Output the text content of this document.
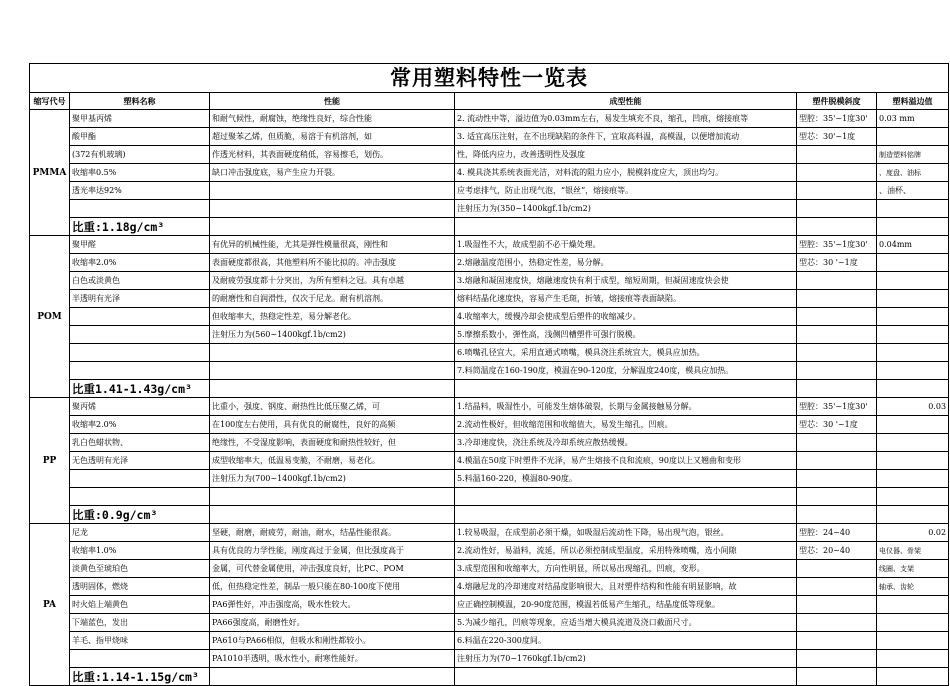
常用塑料特性一览表					
缩写代号	塑料名称	性能	成型性能	塑件脱模斜度	塑料溢边值
PMMA	聚甲基丙烯	和耐气候性，耐腐蚀，绝缘性良好，综合性能	2. 流动性中等，溢边值为0.03mm左右，易发生填充不良，缩孔，凹痕，熔接痕等	型腔：35'~1度30'	0.03 mm
	酸甲酯	超过聚苯乙烯，但质脆，易溶于有机溶剂，如	3. 适宜高压注射，在不出现缺陷的条件下，宜取高料温，高模温，以便增加流动	型芯：30'~1度	
	(372有机玻璃)	作透光材料，其表面硬度稍低，容易擦毛，划伤。	性，降低内应力，改善透明性及强度		制造塑料铭牌
	收缩率0.5%	缺口冲击强度底，易产生应力开裂。	4. 模具浇其系统表面光洁，对料流的阻力应小，脱模斜度应大，顶出均匀。		、度盘、油标
	透光率达92%		应考虑排气，防止出现气泡，“银丝”，熔接痕等。		、油杯、
			注射压力为(350~1400kgf.1b/cm2)		
	比重:1.18g/cm³				
POM	聚甲醛	有优异的机械性能，尤其是弹性模量很高，刚性和	1.吸湿性不大，故成型前不必干燥处理。	型腔：35'~1度30'	0.04mm
	收缩率2.0%	表面硬度都很高，其他塑料所不能比拟的。冲击强度	2.熔融温度范围小，热稳定性差，易分解。	型芯：30 '~1度	
	白色或淡黄色	及耐疲劳强度都十分突出，为所有塑料之冠。具有卓越	3.熔融和凝固速度快，熔融速度快有利于成型，缩短周期，但凝固速度快会使		
	半透明有光泽	的耐磨性和自润滑性，仅次于尼龙。耐有机溶剂。	熔料结晶化速度快，容易产生毛斑，折皱，熔接痕等表面缺陷。		
		但收缩率大，热稳定性差，易分解老化。	4.收缩率大，缓慢冷却会使成型后塑件的收缩减少。		
		注射压力为(560~1400kgf.1b/cm2)	5.摩擦系数小，弹性高，浅侧凹槽塑件可强行脱模。		
			6.喷嘴孔径宜大，采用直通式喷嘴，模具浇注系统宜大，模具应加热。		
			7.料筒温度在160-190度，模温在90-120度，分解温度240度，模具应加热。		
	比重1.41-1.43g/cm³				
PP	聚丙烯	比重小，强度、钢度、耐热性比低压聚乙烯，可	1.结晶料，吸湿性小，可能发生熔体破裂，长期与金属接触易分解。	型腔：35'~1度30'	0.03
	收缩率2.0%	在100度左右使用，具有优良的耐腐性，良好的高频	2.流动性极好，但收缩范围和收缩值大，易发生缩孔，凹痕。	型芯：30 '~1度	
	乳白色蜡状物、	绝缘性，不受湿度影响，表面硬度和耐热性较好，但	3.冷却速度快，浇注系统及冷却系统应散热缓慢。		
	无色透明有光泽	成型收缩率大，低温易变脆，不耐磨，易老化。	4.模温在50度下时塑件不光泽，易产生熔接不良和流痕，90度以上又翘曲和变形		
		注射压力为(700~1400kgf.1b/cm2)	5.料温160-220，模温80-90度。		

	比重:0.9g/cm³				
PA	尼龙	坚硬，耐磨，耐疲劳，耐油，耐水，结晶性能很高。	1.较易吸湿，在成型前必须干燥，如吸湿后流动性下降，易出现气泡，银丝。	型腔：24~40	0.02
	收缩率1.0%	具有优良的力学性能，刚度高过于金属，但比强度高于	2.流动性好，易溢料，流延，所以必须控制成型温度，采用特殊喷嘴，选小间隙	型芯：20~40	电仪器、骨架
	淡黄色至琥珀色	金属，可代替金属使用，冲击强度良好，比PC、POM	3.成型范围和收缩率大，方向性明显，所以易出现缩孔，凹痕，变形。		线圈、支架
	透明固体，燃烧	低，但热稳定性差，制品一般只能在80-100度下使用	4.熔融尼龙的冷却速度对结晶度影响很大，且对塑件结构和性能有明显影响，故		轴承、齿轮
	时火焰上端黄色	PA6弹性好，冲击强度高，吸水性较大。	应正确控制模温，20-90度范围，模温若低易产生缩孔，结晶度低等现象。		
	下端蓝色，发出	PA66强度高，耐磨性好。	5.为减少缩孔，凹痕等现象，应适当增大模具流道及浇口截面尺寸。		
	羊毛、指甲烧味	PA610与PA66相似，但吸水和刚性都较小。	6.料温在220-300度间。		
		PA1010半透明，吸水性小，耐寒性能好。	注射压力为(70~1760kgf.1b/cm2)		
	比重:1.14-1.15g/cm³				
